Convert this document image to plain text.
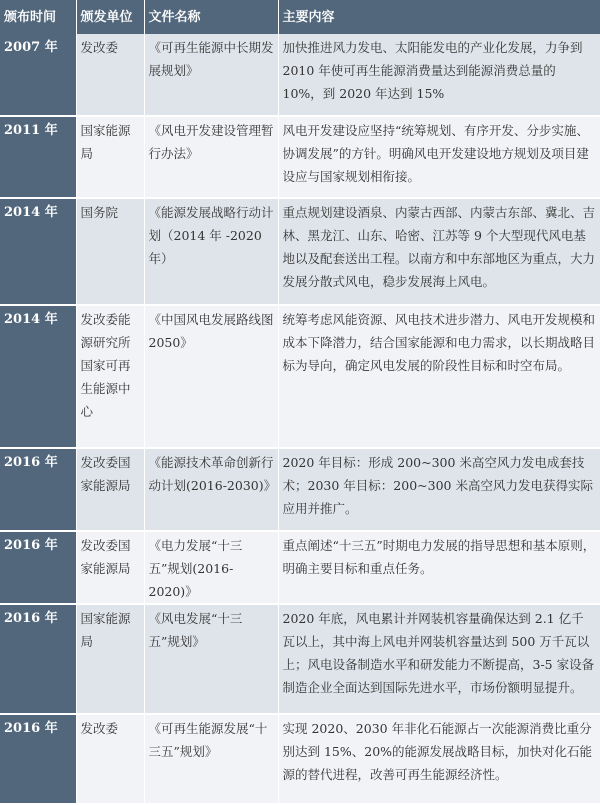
颁布时间	颁发单位	文件名称	主要内容
2007 年	发改委	《可再生能源中长期发展规划》	加快推进风力发电、太阳能发电的产业化发展，力争到2010 年使可再生能源消费量达到能源消费总量的 10%，到 2020 年达到 15%
2011 年	国家能源局	《风电开发建设管理暂行办法》	风电开发建设应坚持“统筹规划、有序开发、分步实施、协调发展”的方针。明确风电开发建设地方规划及项目建设应与国家规划相衔接。
2014 年	国务院	《能源发展战略行动计划（2014 年 -2020 年）	重点规划建设酒泉、内蒙古西部、内蒙古东部、冀北、吉林、黑龙江、山东、哈密、江苏等 9 个大型现代风电基地以及配套送出工程。以南方和中东部地区为重点，大力发展分散式风电，稳步发展海上风电。
2014 年	发改委能源研究所国家可再生能源中心	《中国风电发展路线图 2050》	统筹考虑风能资源、风电技术进步潜力、风电开发规模和成本下降潜力，结合国家能源和电力需求，以长期战略目标为导向，确定风电发展的阶段性目标和时空布局。
2016 年	发改委国家能源局	《能源技术革命创新行动计划(2016-2030)》	2020 年目标：形成 200~300 米高空风力发电成套技术；2030 年目标：200~300 米高空风力发电获得实际应用并推广。
2016 年	发改委国家能源局	《电力发展“十三五”规划(2016-2020)》	重点阐述“十三五”时期电力发展的指导思想和基本原则，明确主要目标和重点任务。
2016 年	国家能源局	《风电发展“十三五”规划》	2020 年底，风电累计并网装机容量确保达到 2.1 亿千瓦以上，其中海上风电并网装机容量达到 500 万千瓦以上；风电设备制造水平和研发能力不断提高，3-5 家设备制造企业全面达到国际先进水平，市场份额明显提升。
2016 年	发改委	《可再生能源发展“十三五”规划》	实现 2020、2030 年非化石能源占一次能源消费比重分别达到 15%、20%的能源发展战略目标，加快对化石能源的替代进程，改善可再生能源经济性。
